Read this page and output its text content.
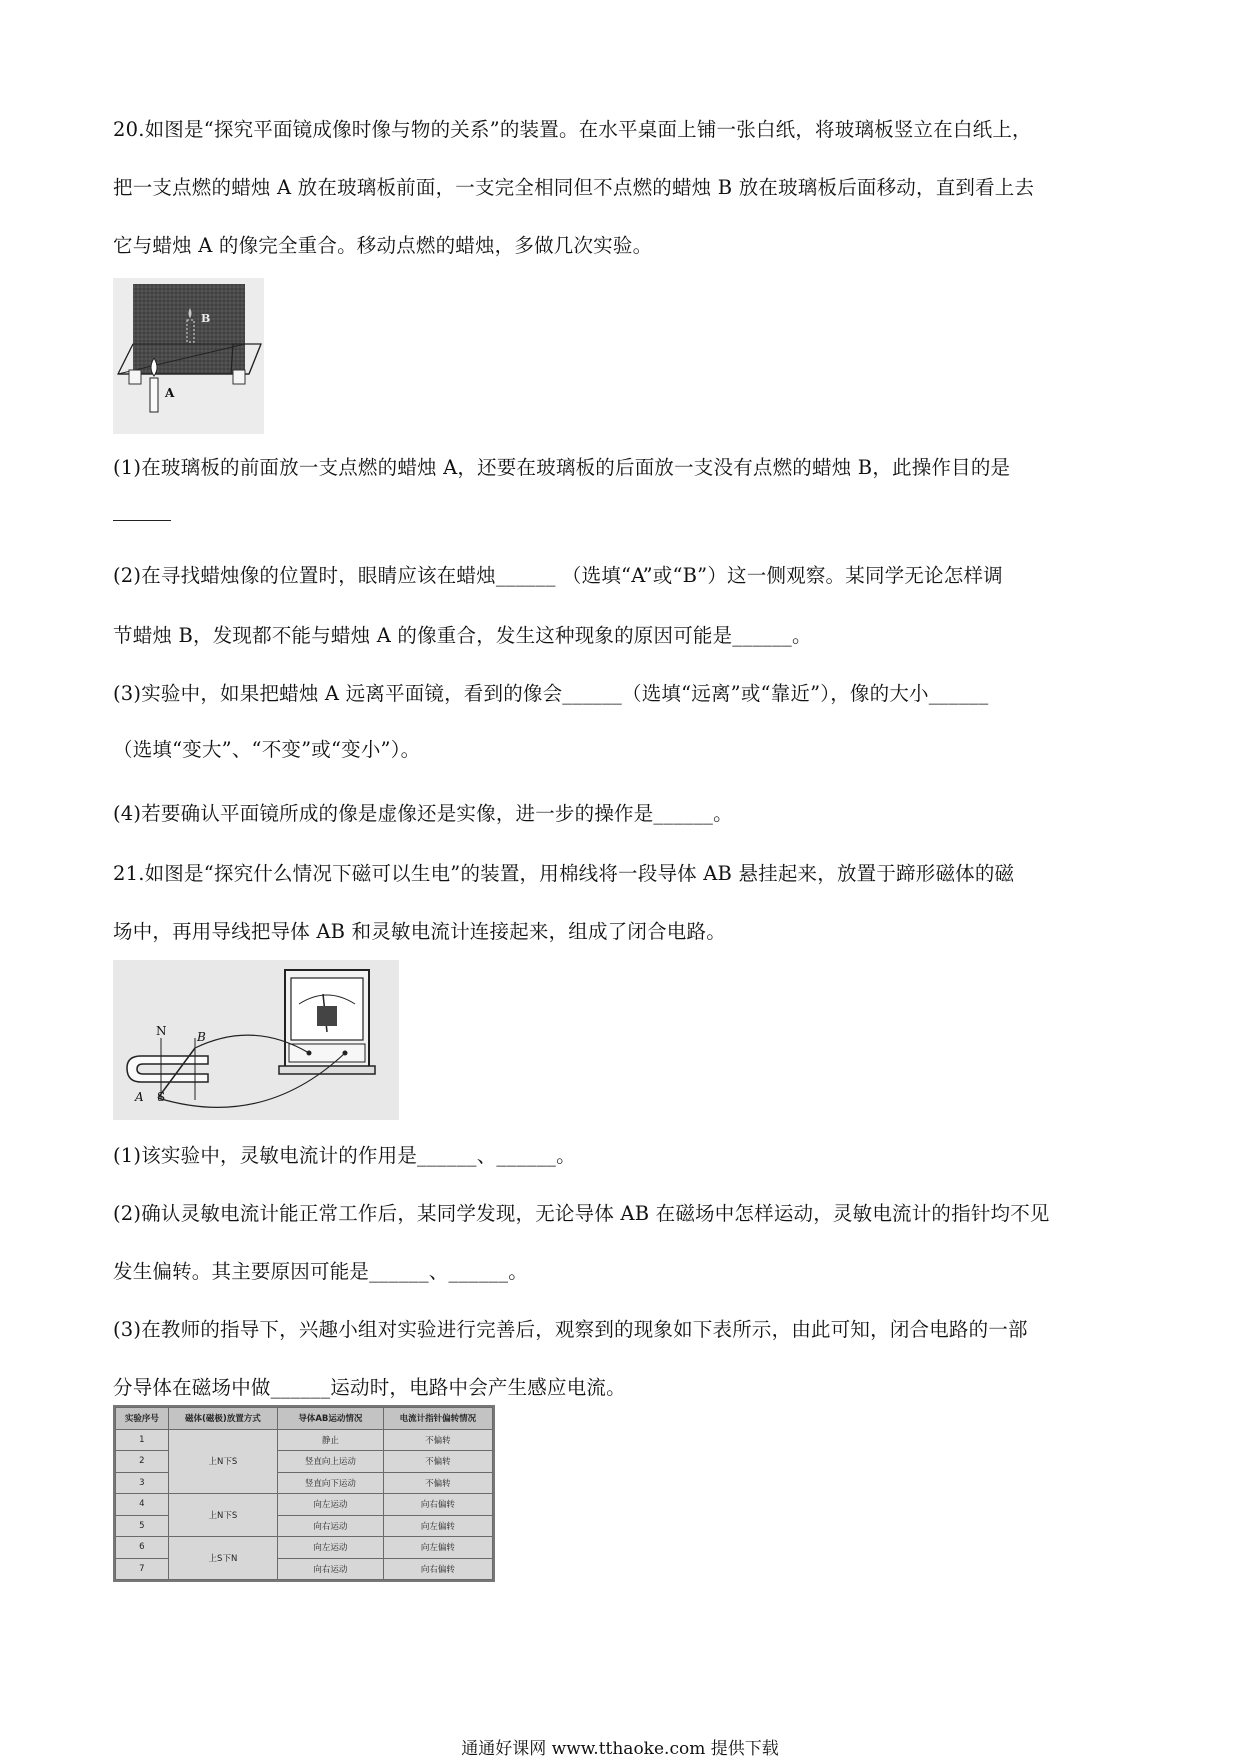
20.如图是“探究平面镜成像时像与物的关系”的装置。在水平桌面上铺一张白纸，将玻璃板竖立在白纸上，
把一支点燃的蜡烛 A 放在玻璃板前面，一支完全相同但不点燃的蜡烛 B 放在玻璃板后面移动，直到看上去
它与蜡烛 A 的像完全重合。移动点燃的蜡烛，多做几次实验。
A
B
(1)在玻璃板的前面放一支点燃的蜡烛 A，还要在玻璃板的后面放一支没有点燃的蜡烛 B，此操作目的是
(2)在寻找蜡烛像的位置时，眼睛应该在蜡烛______ （选填“A”或“B”）这一侧观察。某同学无论怎样调
节蜡烛 B，发现都不能与蜡烛 A 的像重合，发生这种现象的原因可能是______。
(3)实验中，如果把蜡烛 A 远离平面镜，看到的像会______（选填“远离”或“靠近”），像的大小______
（选填“变大”、“不变”或“变小”）。
(4)若要确认平面镜所成的像是虚像还是实像，进一步的操作是______。
21.如图是“探究什么情况下磁可以生电”的装置，用棉线将一段导体 AB 悬挂起来，放置于蹄形磁体的磁
场中，再用导线把导体 AB 和灵敏电流计连接起来，组成了闭合电路。
N
S
A
B
(1)该实验中，灵敏电流计的作用是______、______。
(2)确认灵敏电流计能正常工作后，某同学发现，无论导体 AB 在磁场中怎样运动，灵敏电流计的指针均不见
发生偏转。其主要原因可能是______、______。
(3)在教师的指导下，兴趣小组对实验进行完善后，观察到的现象如下表所示，由此可知，闭合电路的一部
分导体在磁场中做______运动时，电路中会产生感应电流。
实验序号	磁体(磁极)放置方式	导体AB运动情况	电流计指针偏转情况
1	上N下S	静止	不偏转
2		竖直向上运动	不偏转
3		竖直向下运动	不偏转
4	上N下S	向左运动	向右偏转
5		向右运动	向左偏转
6	上S下N	向左运动	向左偏转
7		向右运动	向右偏转
通通好课网 www.tthaoke.com 提供下载
